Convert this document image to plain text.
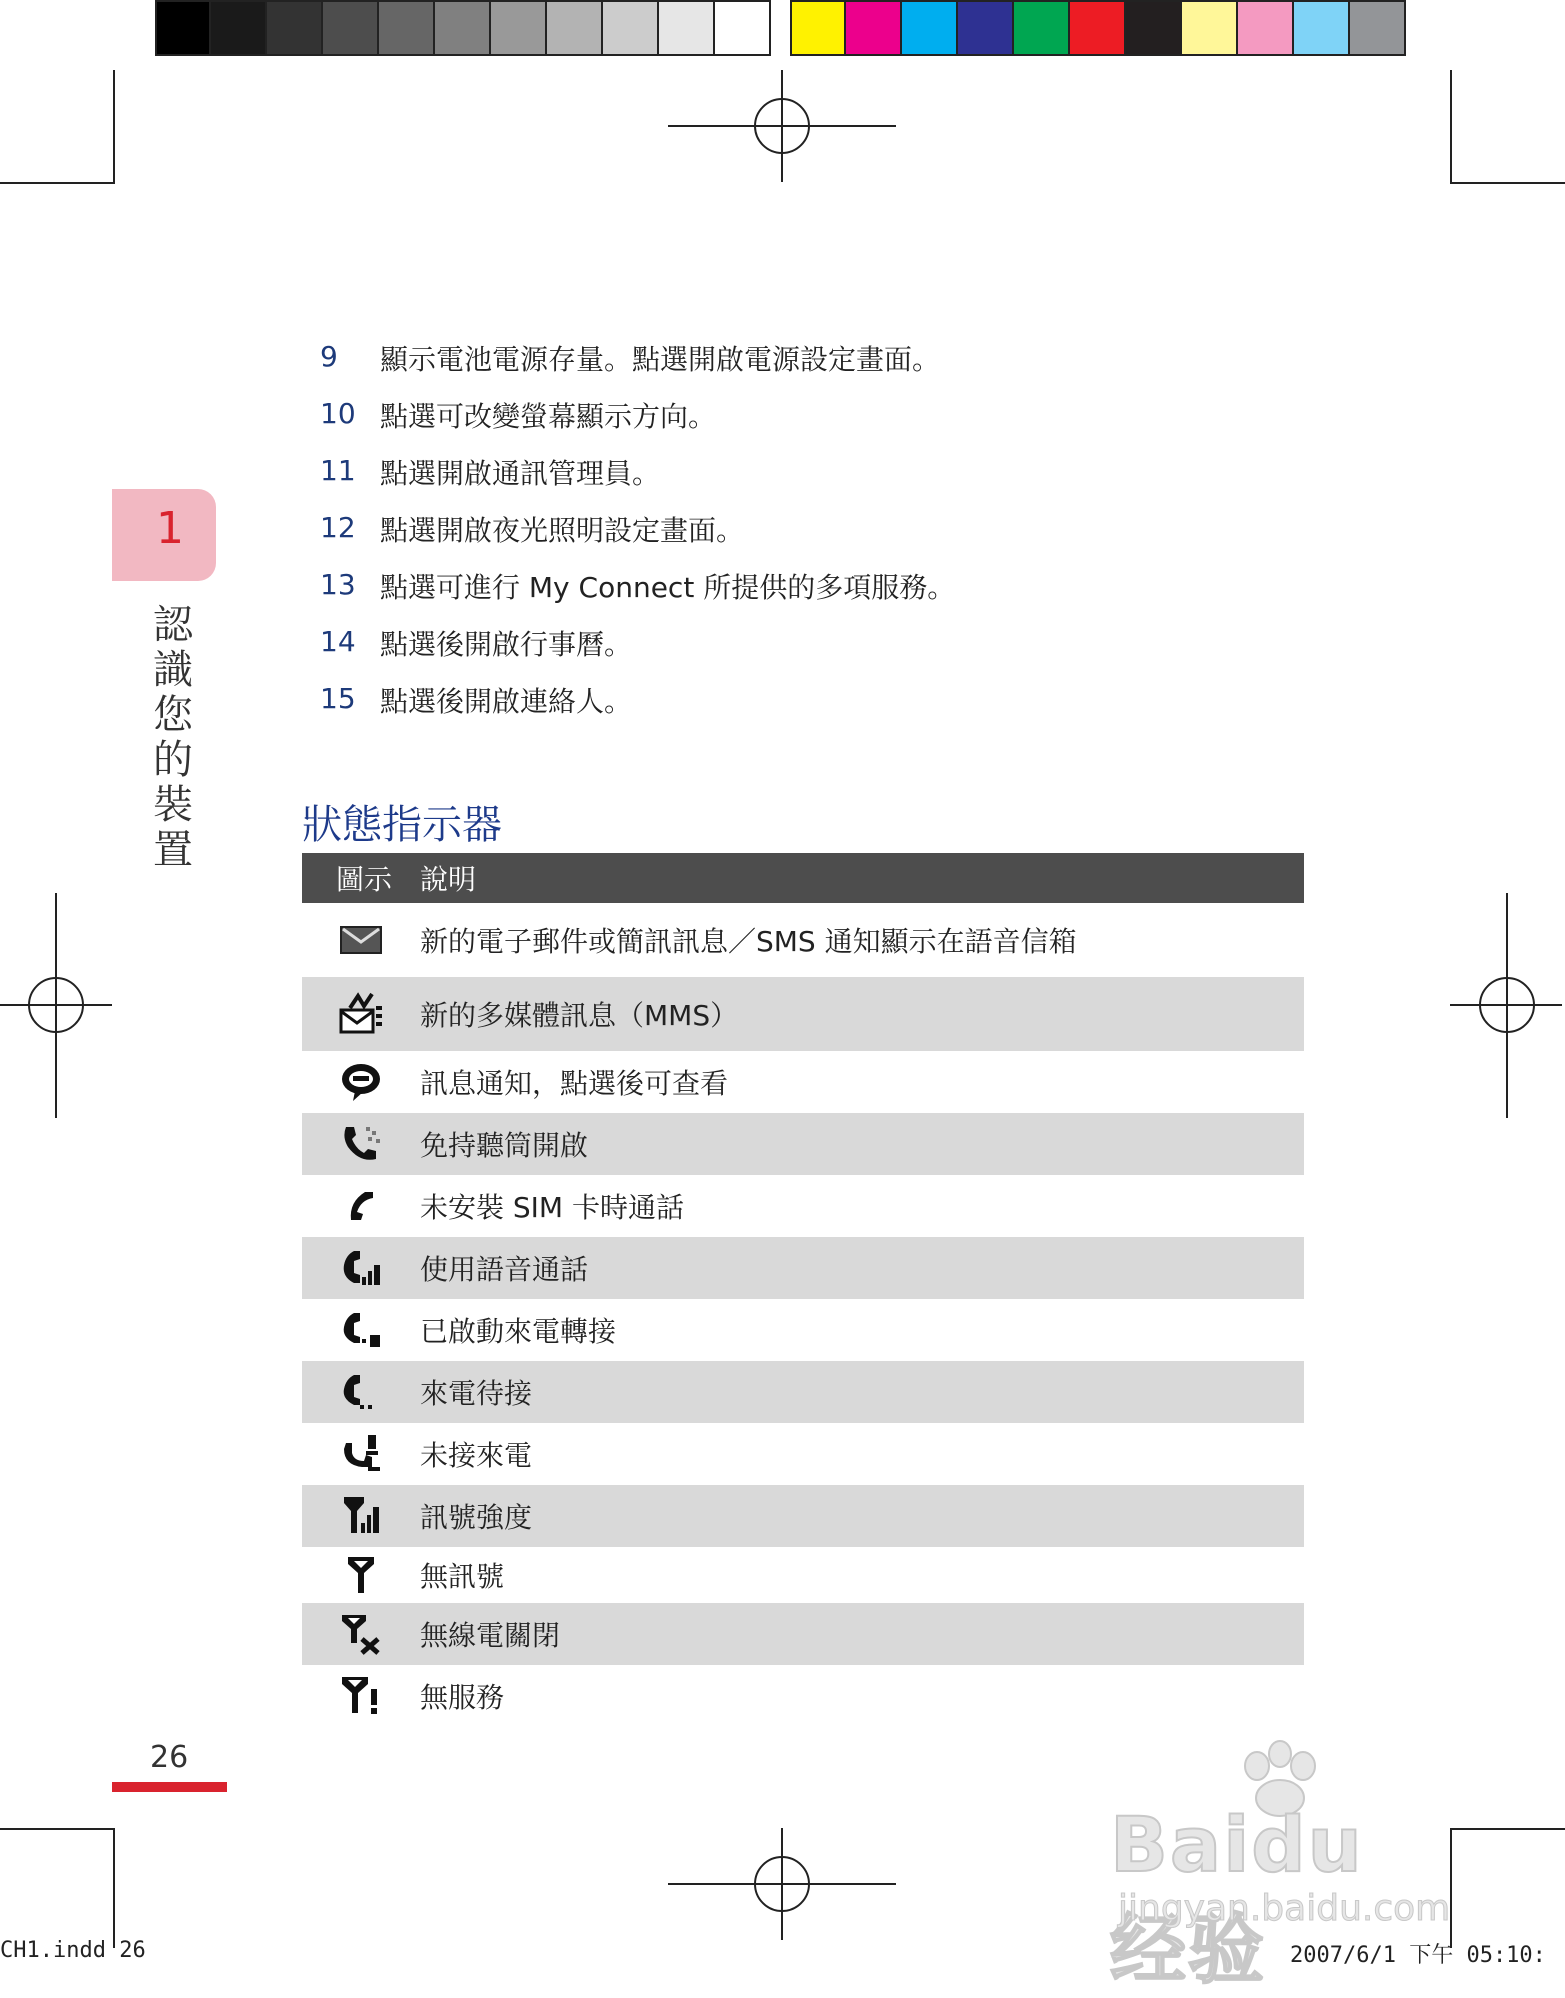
1
認
識
您
的
裝
置
9	顯示電池電源存量。點選開啟電源設定畫面。
10 點選可改變螢幕顯示方向。
11 點選開啟通訊管理員。
12 點選開啟夜光照明設定畫面。
13 點選可進行 My Connect 所提供的多項服務。
14 點選後開啟行事曆。
15 點選後開啟連絡人。
狀態指示器
圖示 說明
新的電子郵件或簡訊訊息／SMS 通知顯示在語音信箱
新的多媒體訊息（MMS）
訊息通知，點選後可查看
免持聽筒開啟
未安裝 SIM 卡時通話
使用語音通話
已啟動來電轉接
來電待接
未接來電
訊號強度
無訊號
無線電關閉
無服務
26
Baidu经验
jingyan.baidu.com
CH1.indd 26	2007/6/1 下午 05:10:
